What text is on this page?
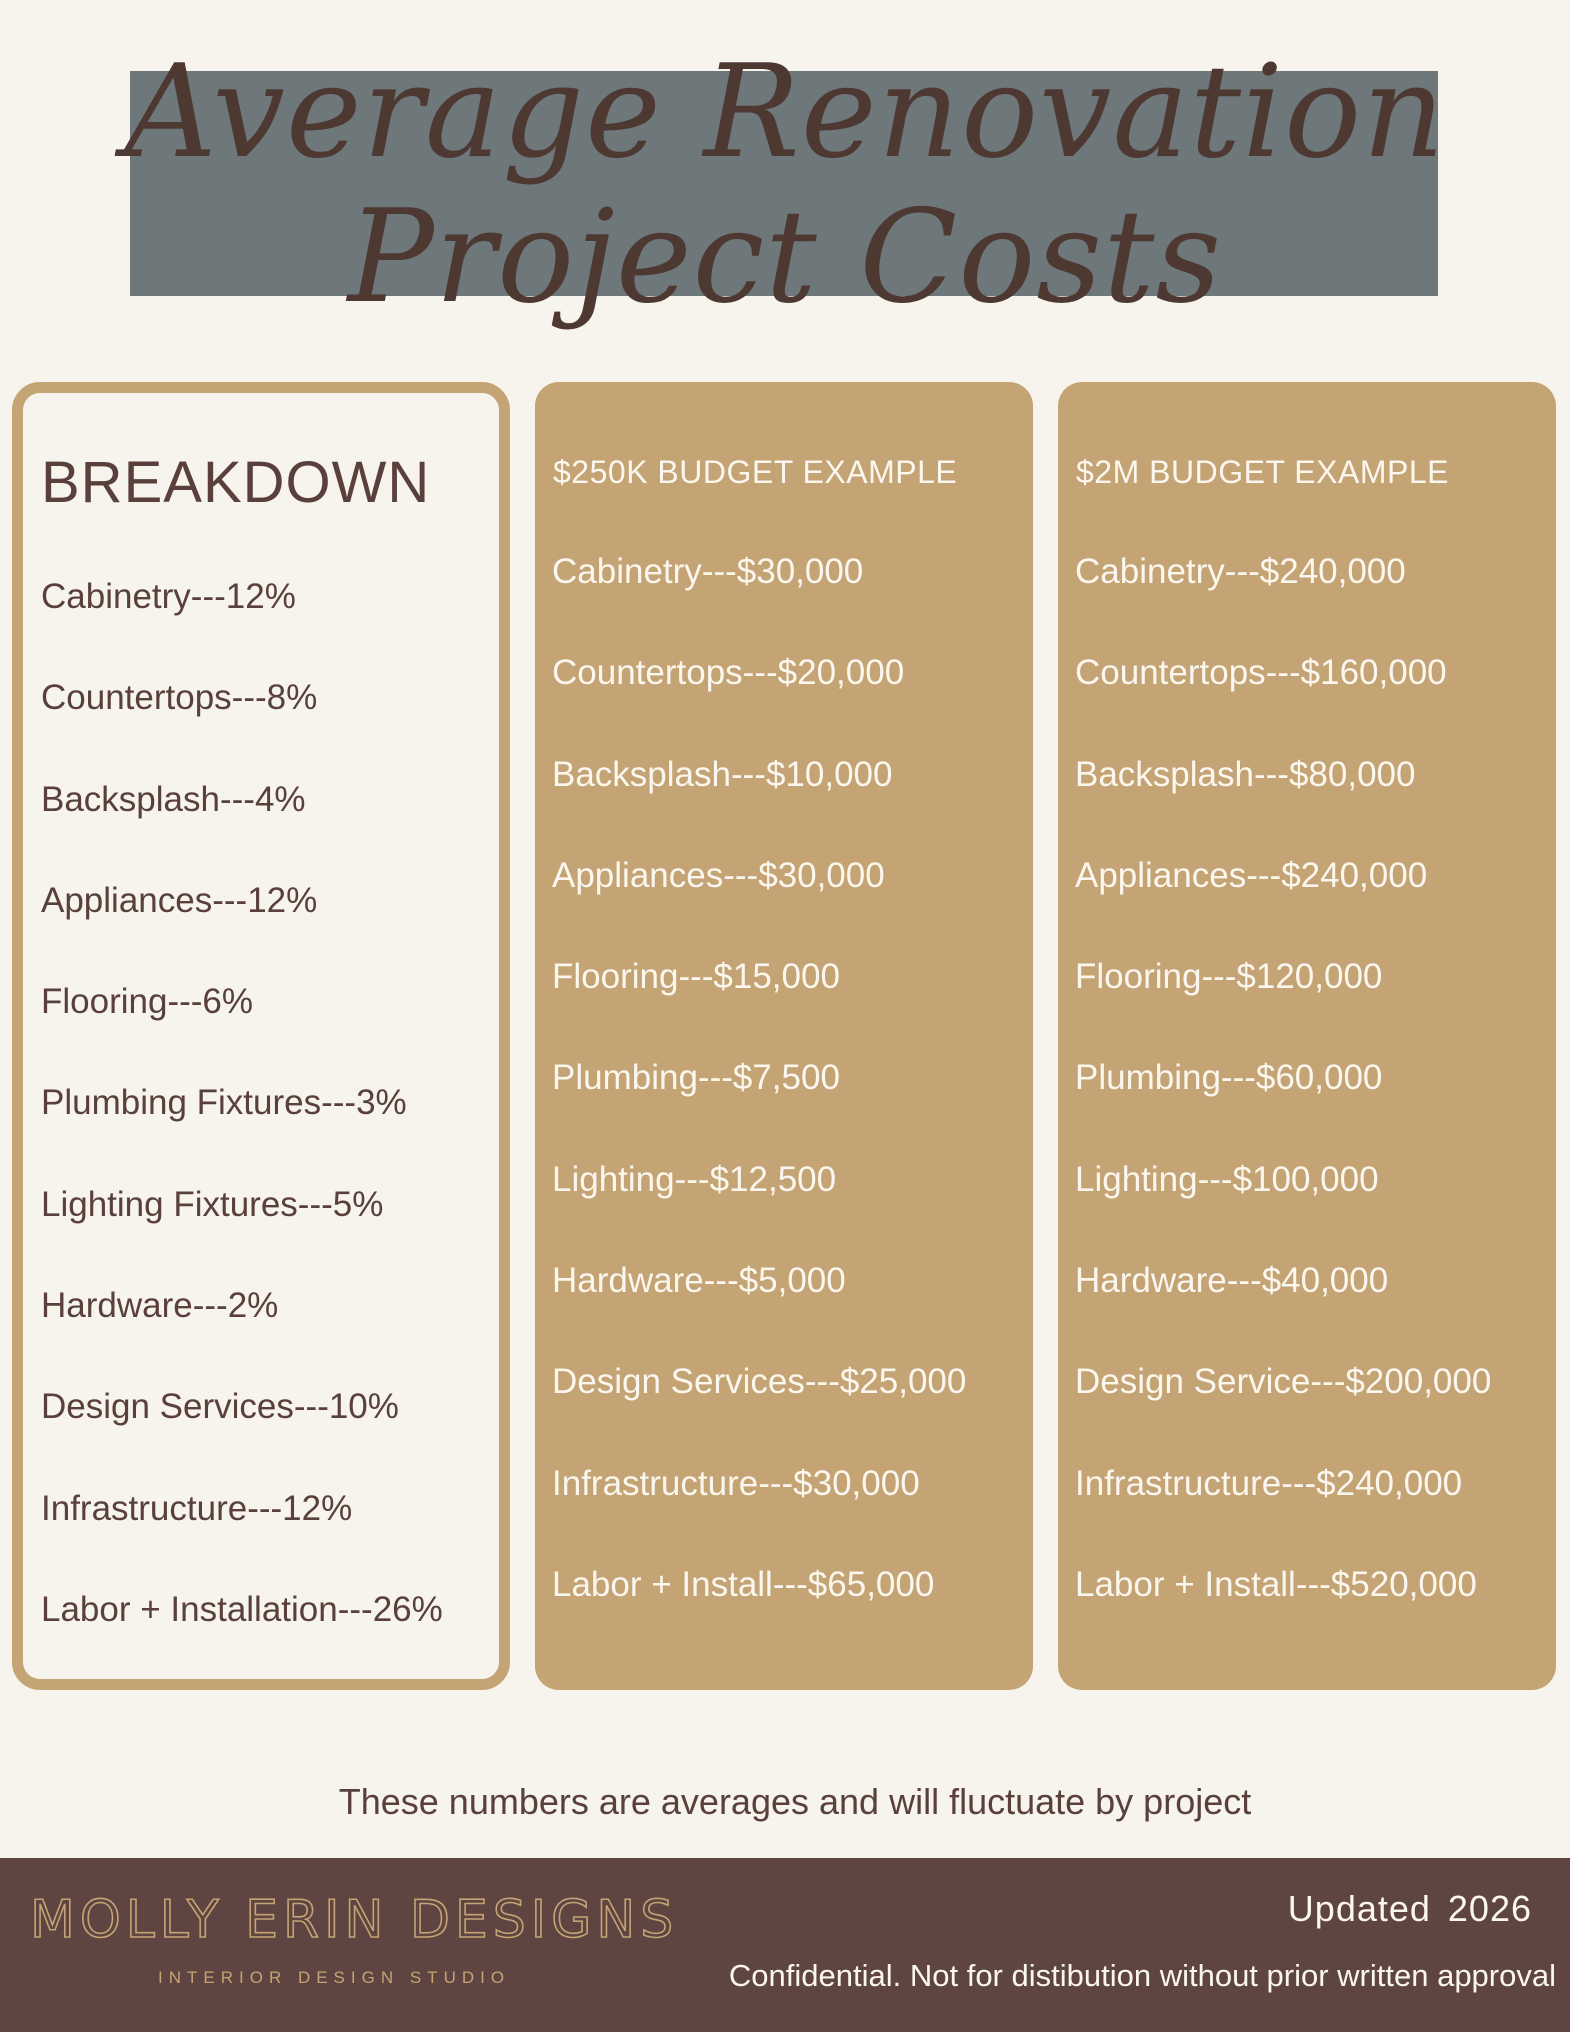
Average Renovation Project Costs
BREAKDOWN
Cabinetry---12%
Countertops---8%
Backsplash---4%
Appliances---12%
Flooring---6%
Plumbing Fixtures---3%
Lighting Fixtures---5%
Hardware---2%
Design Services---10%
Infrastructure---12%
Labor + Installation---26%
$250K BUDGET EXAMPLE
Cabinetry---$30,000
Countertops---$20,000
Backsplash---$10,000
Appliances---$30,000
Flooring---$15,000
Plumbing---$7,500
Lighting---$12,500
Hardware---$5,000
Design Services---$25,000
Infrastructure---$30,000
Labor + Install---$65,000
$2M BUDGET EXAMPLE
Cabinetry---$240,000
Countertops---$160,000
Backsplash---$80,000
Appliances---$240,000
Flooring---$120,000
Plumbing---$60,000
Lighting---$100,000
Hardware---$40,000
Design Service---$200,000
Infrastructure---$240,000
Labor + Install---$520,000

These numbers are averages and will fluctuate by project

MOLLY ERIN DESIGNS

INTERIOR DESIGN STUDIO

Updated 2026

Confidential. Not for distibution without prior written approval
